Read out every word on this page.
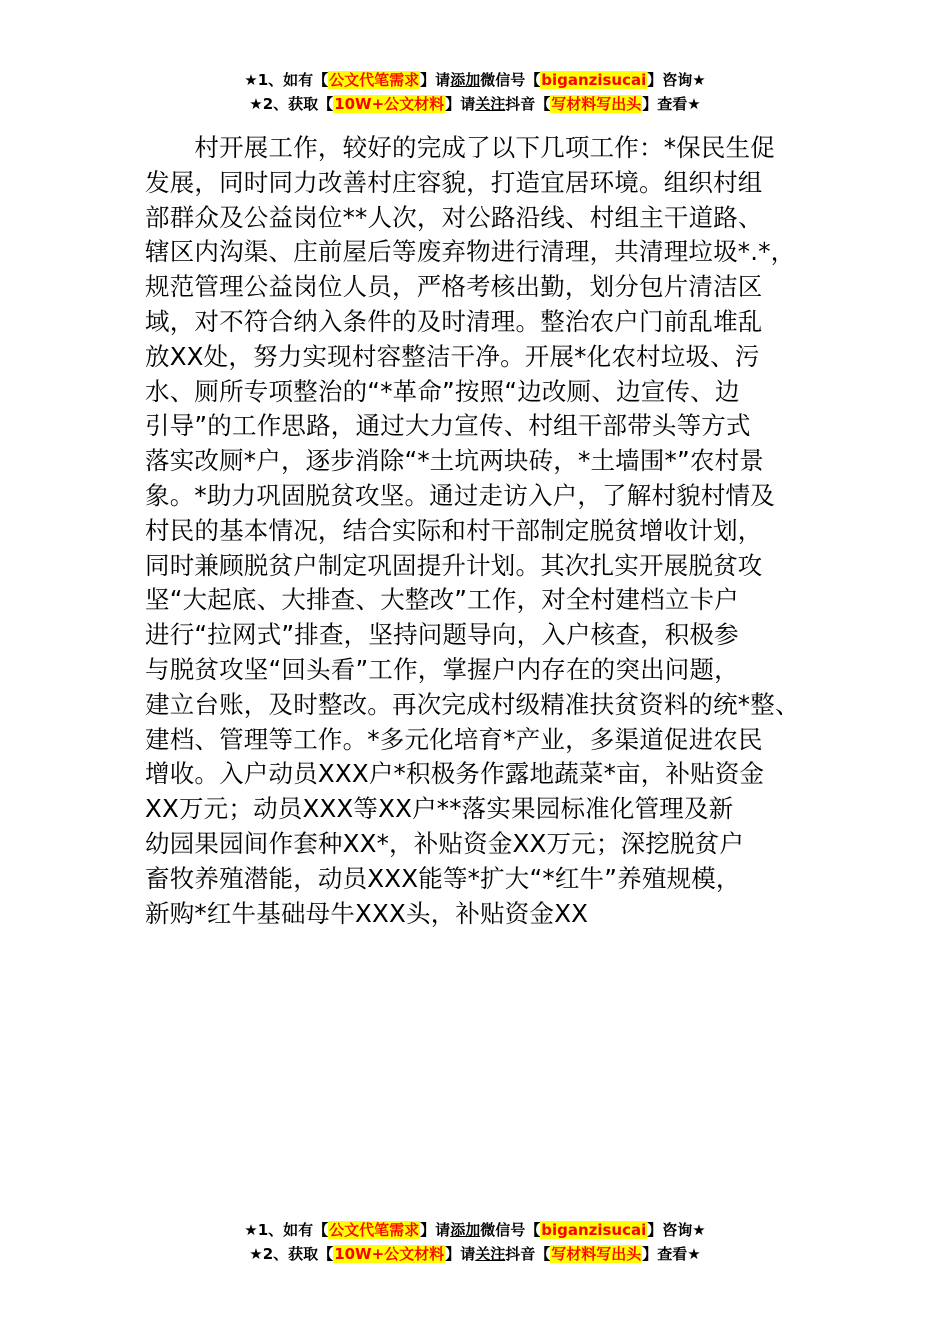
★1、如有【公文代笔需求】请添加微信号【biganzisucai】咨询★
★2、获取【10W+公文材料】请关注抖音【写材料写出头】查看★
　　村开展工作，较好的完成了以下几项工作：*保民生促
发展，同时同力改善村庄容貌，打造宜居环境。组织村组
部群众及公益岗位**人次，对公路沿线、村组主干道路、
辖区内沟渠、庄前屋后等废弃物进行清理，共清理垃圾*.*，
规范管理公益岗位人员，严格考核出勤，划分包片清洁区
域，对不符合纳入条件的及时清理。整治农户门前乱堆乱
放XX处，努力实现村容整洁干净。开展*化农村垃圾、污
水、厕所专项整治的“*革命”按照“边改厕、边宣传、边
引导”的工作思路，通过大力宣传、村组干部带头等方式
落实改厕*户，逐步消除“*土坑两块砖，*土墙围*”农村景
象。*助力巩固脱贫攻坚。通过走访入户，了解村貌村情及
村民的基本情况，结合实际和村干部制定脱贫增收计划，
同时兼顾脱贫户制定巩固提升计划。其次扎实开展脱贫攻
坚“大起底、大排查、大整改”工作，对全村建档立卡户
进行“拉网式”排查，坚持问题导向，入户核查，积极参
与脱贫攻坚“回头看”工作，掌握户内存在的突出问题，
建立台账，及时整改。再次完成村级精准扶贫资料的统*整、
建档、管理等工作。*多元化培育*产业，多渠道促进农民
增收。入户动员XXX户*积极务作露地蔬菜*亩，补贴资金
XX万元；动员XXX等XX户**落实果园标准化管理及新
幼园果园间作套种XX*，补贴资金XX万元；深挖脱贫户
畜牧养殖潜能，动员XXX能等*扩大“*红牛”养殖规模，
新购*红牛基础母牛XXX头，补贴资金XX
★1、如有【公文代笔需求】请添加微信号【biganzisucai】咨询★
★2、获取【10W+公文材料】请关注抖音【写材料写出头】查看★
